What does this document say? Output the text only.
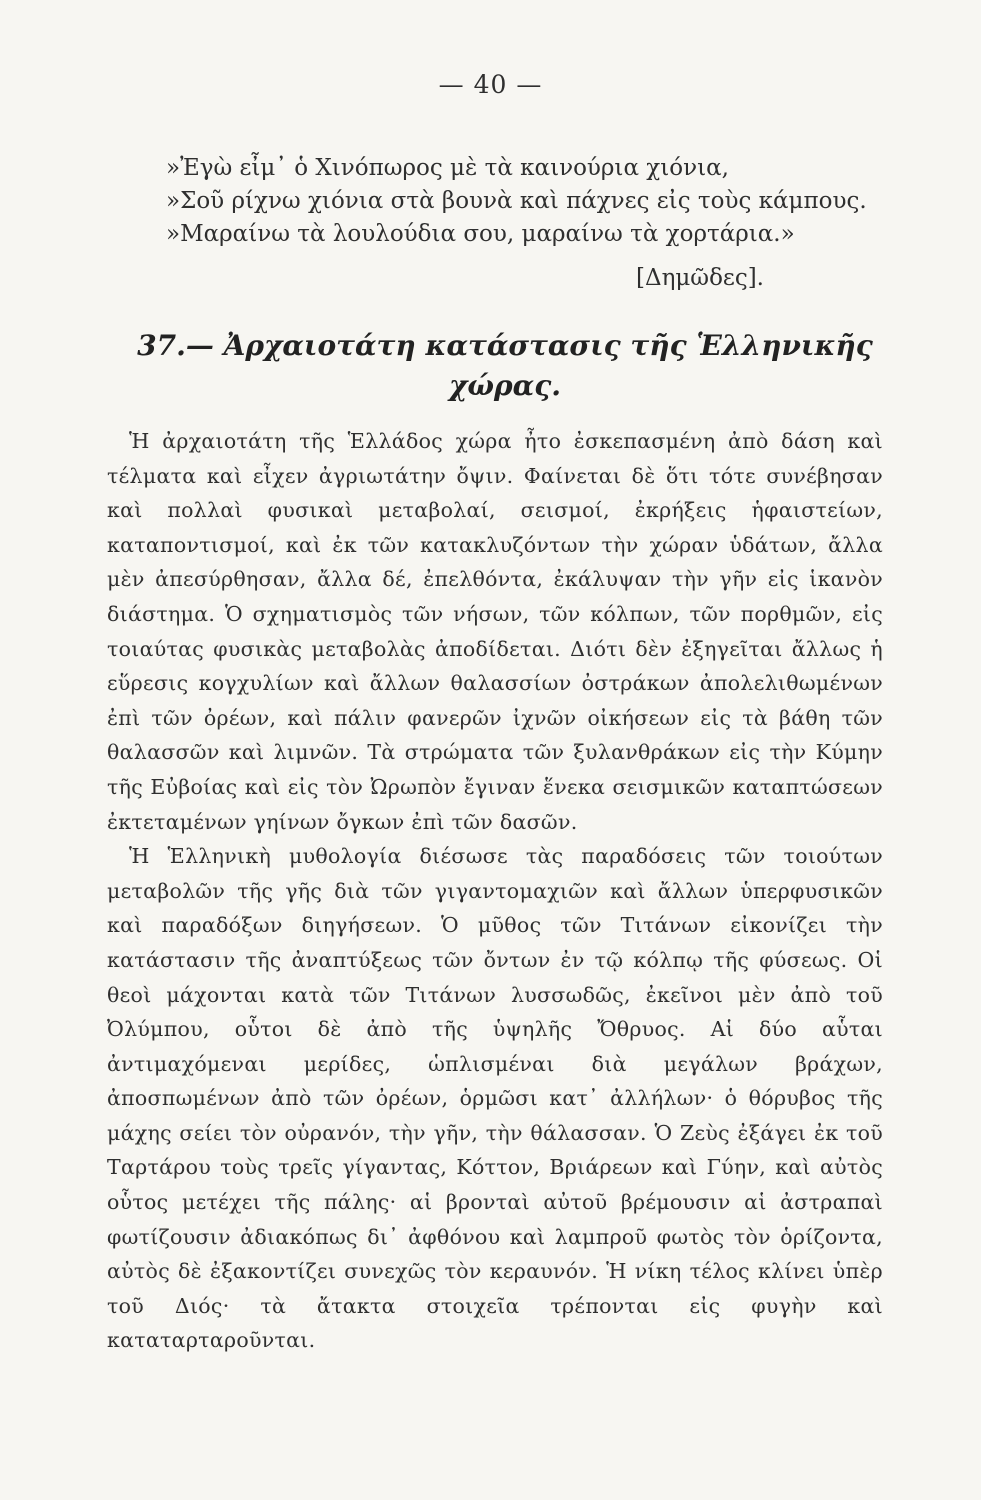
— 40 —
»Ἐγὼ εἶμ᾽ ὁ Χινόπωρος μὲ τὰ καινούρια χιόνια,
»Σοῦ ρίχνω χιόνια στὰ βουνὰ καὶ πάχνες εἰς τοὺς κάμπους.
»Μαραίνω τὰ λουλούδια σου, μαραίνω τὰ χορτάρια.»
[Δημῶδες].
37.— Ἀρχαιοτάτη κατάστασις τῆς Ἑλληνικῆς χώρας.

Ἡ ἀρχαιοτάτη τῆς Ἑλλάδος χώρα ἦτο ἐσκεπασμένη ἀπὸ δάση καὶ τέλματα καὶ εἶχεν ἀγριωτάτην ὄψιν. Φαίνεται δὲ ὅτι τότε συνέβησαν καὶ πολλαὶ φυσικαὶ μεταβολαί, σεισμοί, ἐκρήξεις ἡφαιστείων, καταποντισμοί, καὶ ἐκ τῶν κατακλυζόντων τὴν χώραν ὑδάτων, ἄλλα μὲν ἀπεσύρθησαν, ἄλλα δέ, ἐπελθόντα, ἐκάλυψαν τὴν γῆν εἰς ἱκανὸν διάστημα. Ὁ σχηματισμὸς τῶν νήσων, τῶν κόλπων, τῶν πορθμῶν, εἰς τοιαύτας φυσικὰς μεταβολὰς ἀποδίδεται. Διότι δὲν ἐξηγεῖται ἄλλως ἡ εὕρεσις κογχυλίων καὶ ἄλλων θαλασσίων ὀστράκων ἀπολελιθωμένων ἐπὶ τῶν ὀρέων, καὶ πάλιν φανερῶν ἰχνῶν οἰκήσεων εἰς τὰ βάθη τῶν θαλασσῶν καὶ λιμνῶν. Τὰ στρώματα τῶν ξυλανθράκων εἰς τὴν Κύμην τῆς Εὐβοίας καὶ εἰς τὸν Ὠρωπὸν ἔγιναν ἕνεκα σεισμικῶν καταπτώσεων ἐκτεταμένων γηίνων ὄγκων ἐπὶ τῶν δασῶν.

Ἡ Ἑλληνικὴ μυθολογία διέσωσε τὰς παραδόσεις τῶν τοιούτων μεταβολῶν τῆς γῆς διὰ τῶν γιγαντομαχιῶν καὶ ἄλλων ὑπερφυσικῶν καὶ παραδόξων διηγήσεων. Ὁ μῦθος τῶν Τιτάνων εἰκονίζει τὴν κατάστασιν τῆς ἀναπτύξεως τῶν ὄντων ἐν τῷ κόλπῳ τῆς φύσεως. Οἱ θεοὶ μάχονται κατὰ τῶν Τιτάνων λυσσωδῶς, ἐκεῖνοι μὲν ἀπὸ τοῦ Ὀλύμπου, οὗτοι δὲ ἀπὸ τῆς ὑψηλῆς Ὄθρυος. Αἱ δύο αὗται ἀντιμαχόμεναι μερίδες, ὡπλισμέναι διὰ μεγάλων βράχων, ἀποσπωμένων ἀπὸ τῶν ὀρέων, ὁρμῶσι κατ᾽ ἀλλήλων· ὁ θόρυβος τῆς μάχης σείει τὸν οὐρανόν, τὴν γῆν, τὴν θάλασσαν. Ὁ Ζεὺς ἐξάγει ἐκ τοῦ Ταρτάρου τοὺς τρεῖς γίγαντας, Κόττον, Βριάρεων καὶ Γύην, καὶ αὐτὸς οὗτος μετέχει τῆς πάλης· αἱ βρονταὶ αὐτοῦ βρέμουσιν αἱ ἀστραπαὶ φωτίζουσιν ἀδιακόπως δι᾽ ἀφθόνου καὶ λαμπροῦ φωτὸς τὸν ὁρίζοντα, αὐτὸς δὲ ἐξακοντίζει συνεχῶς τὸν κεραυνόν. Ἡ νίκη τέλος κλίνει ὑπὲρ τοῦ Διός· τὰ ἄτακτα στοιχεῖα τρέπονται εἰς φυγὴν καὶ καταταρταροῦνται.
